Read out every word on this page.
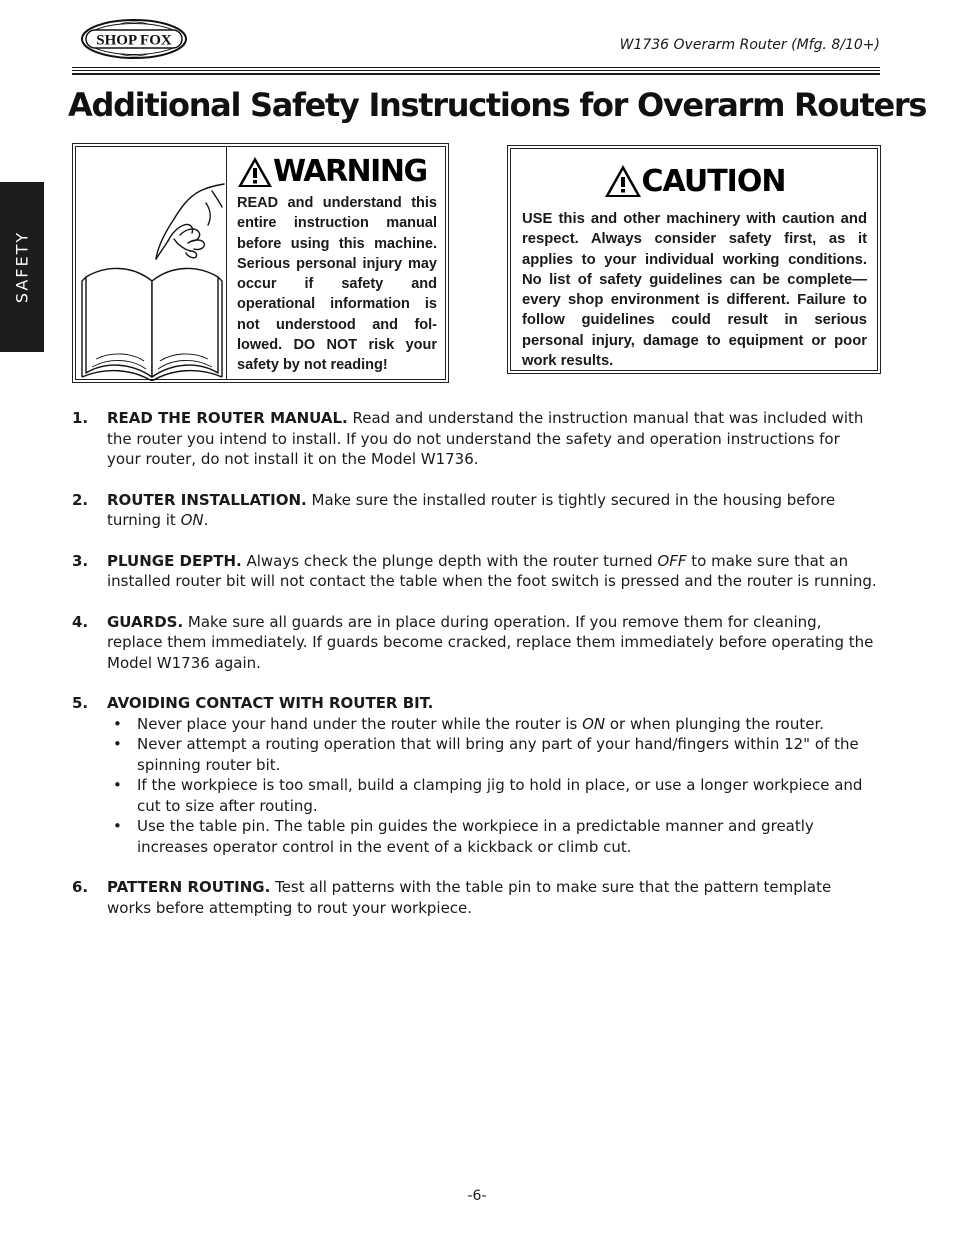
SHOP FOX	W1736 Overarm Router (Mfg. 8/10+)
Additional Safety Instructions for Overarm Routers
SAFETY
WARNING

READ and understand this entire instruction manual before using this machine. Serious personal injury may occur if safety and operational information is not understood and fol-lowed. DO NOT risk your safety by not reading!

CAUTION

USE this and other machinery with caution and respect. Always consider safety first, as it applies to your individual working conditions. No list of safety guidelines can be complete—every shop environment is different. Failure to follow guidelines could result in serious personal injury, damage to equipment or poor work results.

1. READ THE ROUTER MANUAL. Read and understand the instruction manual that was included with the router you intend to install. If you do not understand the safety and operation instructions for your router, do not install it on the Model W1736.
2. ROUTER INSTALLATION. Make sure the installed router is tightly secured in the housing before turning it ON.
3. PLUNGE DEPTH. Always check the plunge depth with the router turned OFF to make sure that an installed router bit will not contact the table when the foot switch is pressed and the router is running.
4. GUARDS. Make sure all guards are in place during operation. If you remove them for cleaning, replace them immediately. If guards become cracked, replace them immediately before operating the Model W1736 again.
5. AVOIDING CONTACT WITH ROUTER BIT.
• Never place your hand under the router while the router is ON or when plunging the router.
• Never attempt a routing operation that will bring any part of your hand/fingers within 12" of the spinning router bit.
• If the workpiece is too small, build a clamping jig to hold in place, or use a longer workpiece and cut to size after routing.
• Use the table pin. The table pin guides the workpiece in a predictable manner and greatly increases operator control in the event of a kickback or climb cut.
6. PATTERN ROUTING. Test all patterns with the table pin to make sure that the pattern template works before attempting to rout your workpiece.
-6-
